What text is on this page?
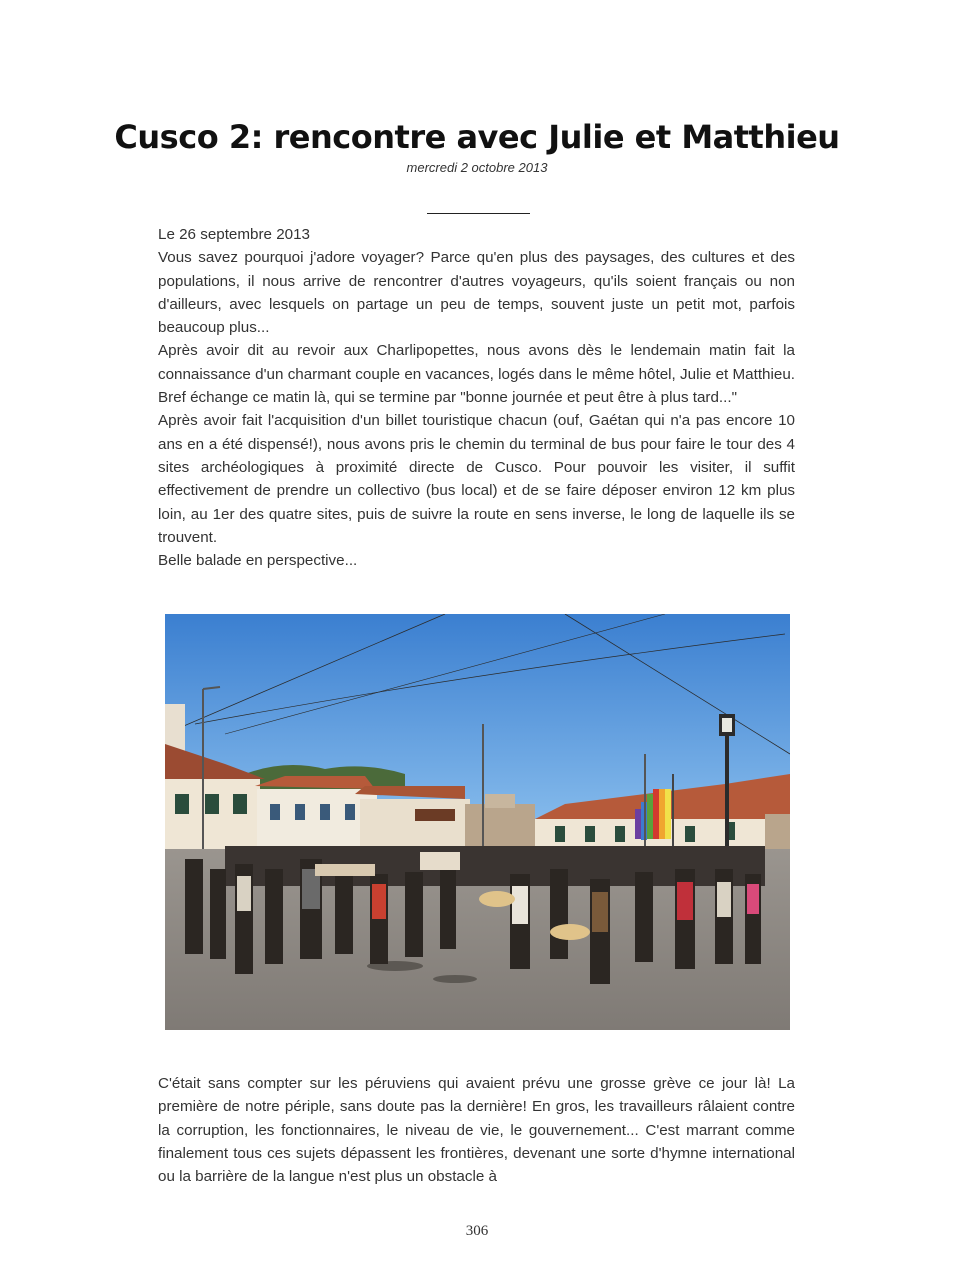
Cusco 2: rencontre avec Julie et Matthieu
mercredi 2 octobre 2013

Le 26 septembre 2013

Vous savez pourquoi j'adore voyager? Parce qu'en plus des paysages, des cultures et des populations, il nous arrive de rencontrer d'autres voyageurs, qu'ils soient français ou non d'ailleurs, avec lesquels on partage un peu de temps, souvent juste un petit mot, parfois beaucoup plus...

Après avoir dit au revoir aux Charlipopettes, nous avons dès le lendemain matin fait la connaissance d'un charmant couple en vacances, logés dans le même hôtel, Julie et Matthieu. Bref échange ce matin là, qui se termine par "bonne journée et peut être à plus tard..."

Après avoir fait l'acquisition d'un billet touristique chacun (ouf, Gaétan qui n'a pas encore 10 ans en a été dispensé!), nous avons pris le chemin du terminal de bus pour faire le tour des 4 sites archéologiques à proximité directe de Cusco. Pour pouvoir les visiter, il suffit effectivement de prendre un collectivo (bus local) et de se faire déposer environ 12 km plus loin, au 1er des quatre sites, puis de suivre la route en sens inverse, le long de laquelle ils se trouvent.

Belle balade en perspective...

C'était sans compter sur les péruviens qui avaient prévu une grosse grève ce jour là! La première de notre périple, sans doute pas la dernière! En gros, les travailleurs râlaient contre la corruption, les fonctionnaires, le niveau de vie, le gouvernement... C'est marrant comme finalement tous ces sujets dépassent les frontières, devenant une sorte d'hymne international ou la barrière de la langue n'est plus un obstacle à

306
